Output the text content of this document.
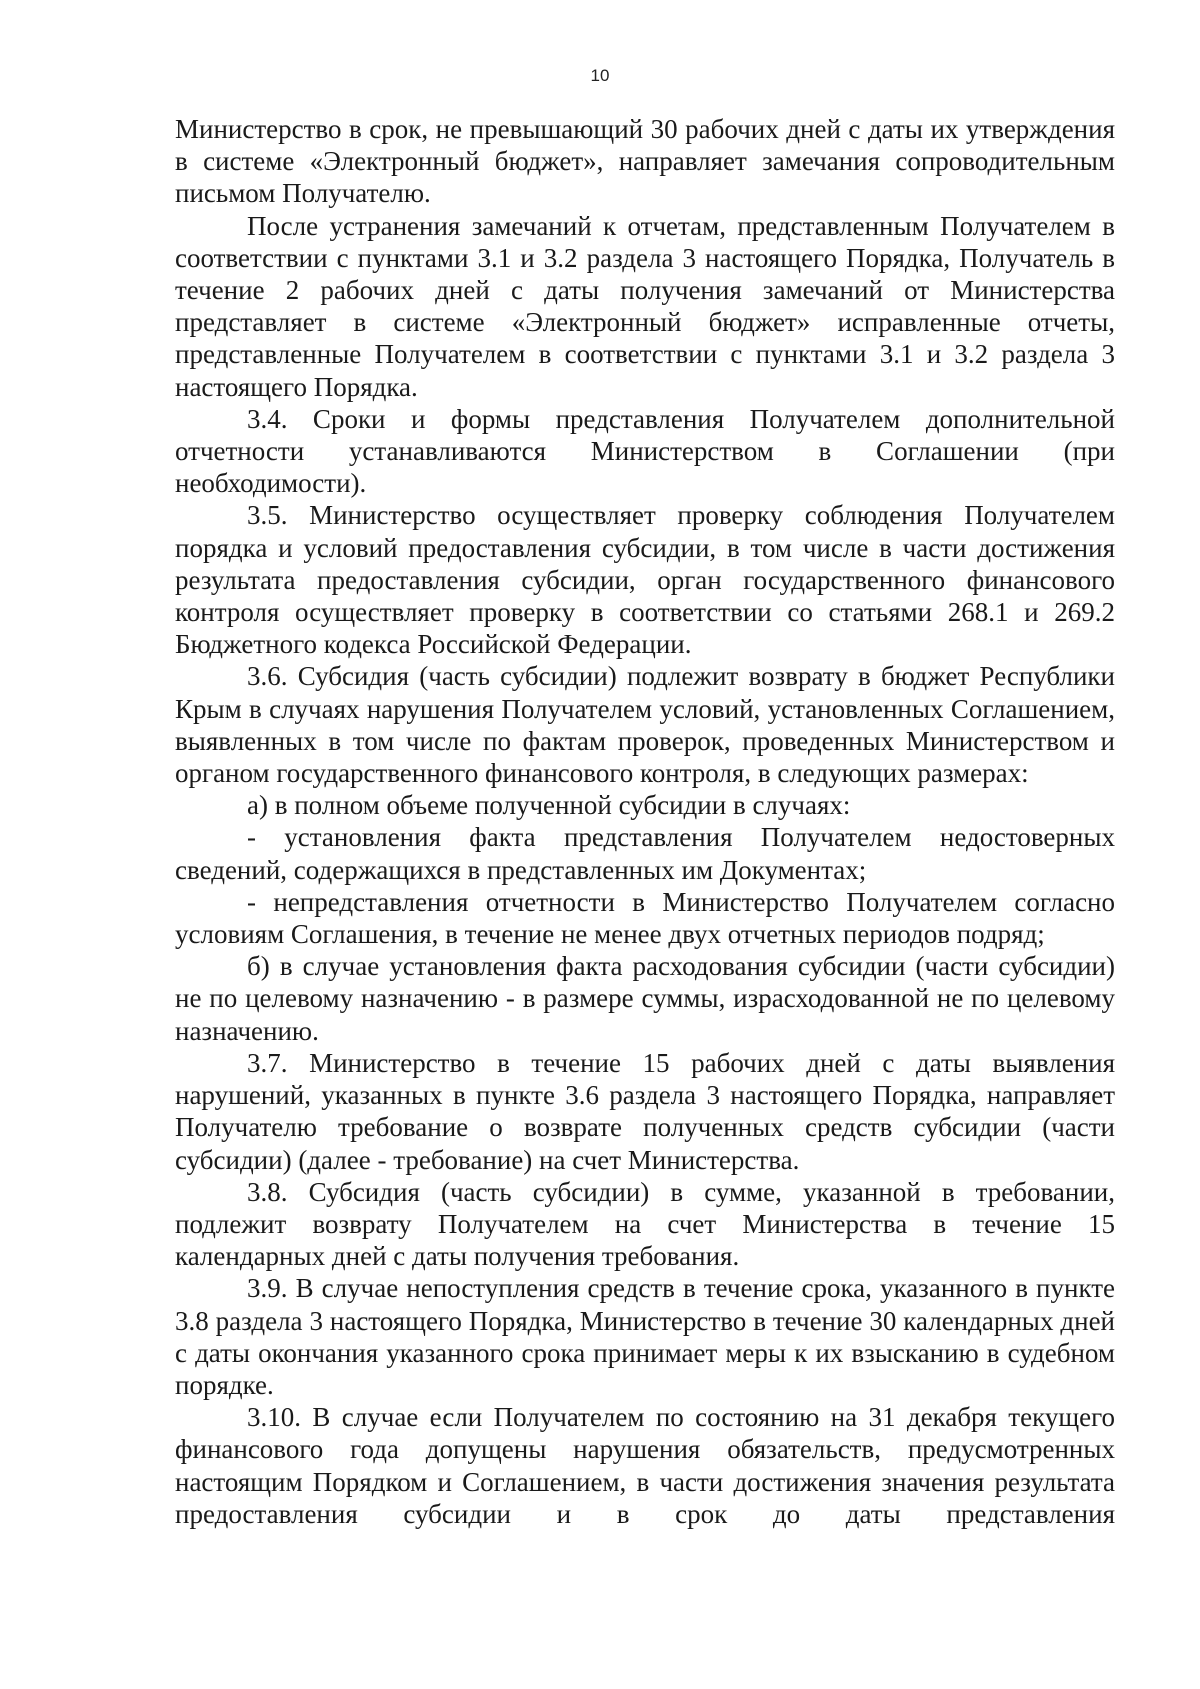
10

Министерство в срок, не превышающий 30 рабочих дней с даты их утверждения в системе «Электронный бюджет», направляет замечания сопроводительным письмом Получателю.

После устранения замечаний к отчетам, представленным Получателем в соответствии с пунктами 3.1 и 3.2 раздела 3 настоящего Порядка, Получатель в течение 2 рабочих дней с даты получения замечаний от Министерства представляет в системе «Электронный бюджет» исправленные отчеты, представленные Получателем в соответствии с пунктами 3.1 и 3.2 раздела 3 настоящего Порядка.

3.4. Сроки и формы представления Получателем дополнительной отчетности устанавливаются Министерством в Соглашении (при необходимости).

3.5. Министерство осуществляет проверку соблюдения Получателем порядка и условий предоставления субсидии, в том числе в части достижения результата предоставления субсидии, орган государственного финансового контроля осуществляет проверку в соответствии со статьями 268.1 и 269.2 Бюджетного кодекса Российской Федерации.

3.6. Субсидия (часть субсидии) подлежит возврату в бюджет Республики Крым в случаях нарушения Получателем условий, установленных Соглашением, выявленных в том числе по фактам проверок, проведенных Министерством и органом государственного финансового контроля, в следующих размерах:

а) в полном объеме полученной субсидии в случаях:

- установления факта представления Получателем недостоверных сведений, содержащихся в представленных им Документах;

- непредставления отчетности в Министерство Получателем согласно условиям Соглашения, в течение не менее двух отчетных периодов подряд;

б) в случае установления факта расходования субсидии (части субсидии) не по целевому назначению - в размере суммы, израсходованной не по целевому назначению.

3.7. Министерство в течение 15 рабочих дней с даты выявления нарушений, указанных в пункте 3.6 раздела 3 настоящего Порядка, направляет Получателю требование о возврате полученных средств субсидии (части субсидии) (далее - требование) на счет Министерства.

3.8. Субсидия (часть субсидии) в сумме, указанной в требовании, подлежит возврату Получателем на счет Министерства в течение 15 календарных дней с даты получения требования.

3.9. В случае непоступления средств в течение срока, указанного в пункте 3.8 раздела 3 настоящего Порядка, Министерство в течение 30 календарных дней с даты окончания указанного срока принимает меры к их взысканию в судебном порядке.

3.10. В случае если Получателем по состоянию на 31 декабря текущего финансового года допущены нарушения обязательств, предусмотренных настоящим Порядком и Соглашением, в части достижения значения результата предоставления субсидии и в срок до даты представления
